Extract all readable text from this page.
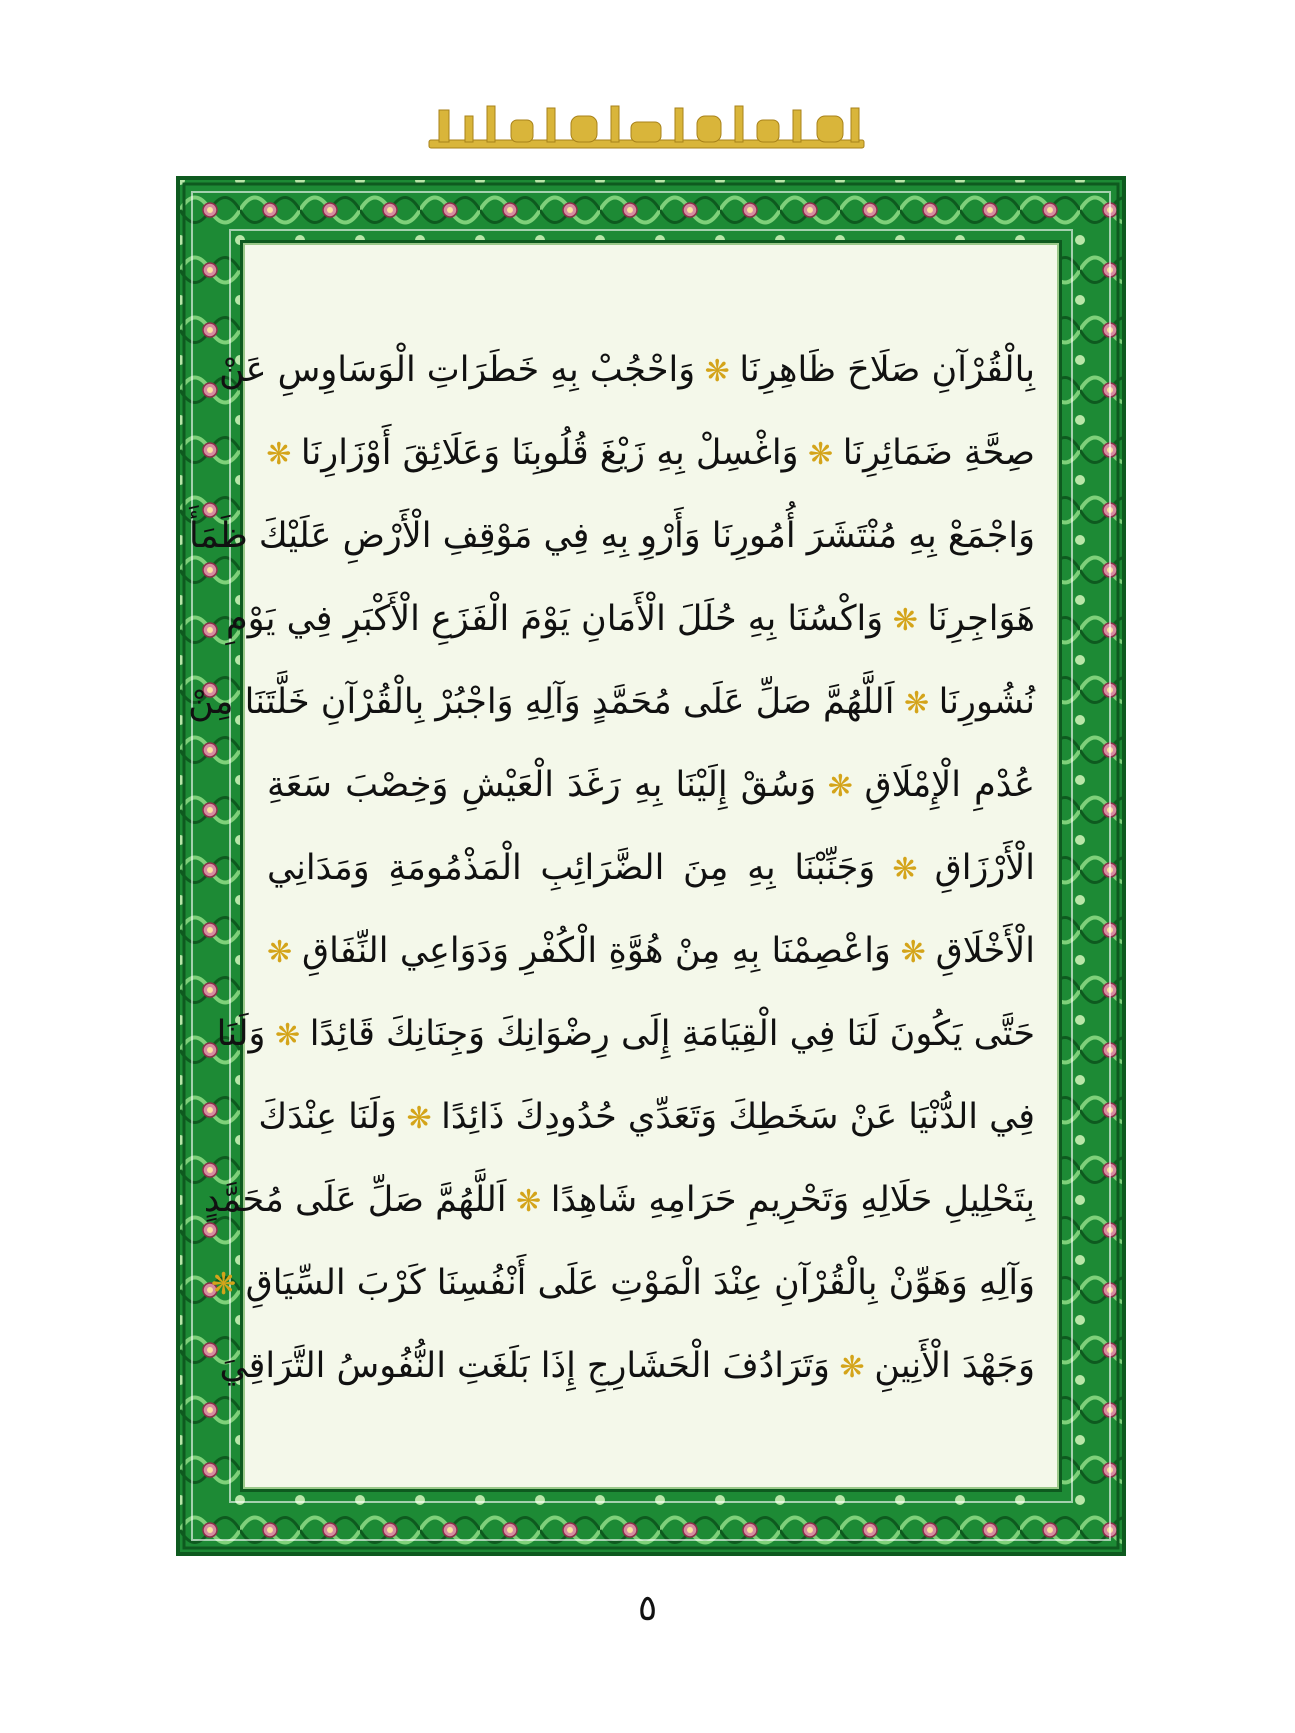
بِالْقُرْآنِ صَلَاحَ ظَاهِرِنَا ❋ وَاحْجُبْ بِهِ خَطَرَاتِ الْوَسَاوِسِ عَنْ
صِحَّةِ ضَمَائِرِنَا ❋ وَاغْسِلْ بِهِ زَيْغَ قُلُوبِنَا وَعَلَائِقَ أَوْزَارِنَا ❋
وَاجْمَعْ بِهِ مُنْتَشَرَ أُمُورِنَا وَأَرْوِ بِهِ فِي مَوْقِفِ الْأَرْضِ عَلَيْكَ ظَمَأَ
هَوَاجِرِنَا ❋ وَاكْسُنَا بِهِ حُلَلَ الْأَمَانِ يَوْمَ الْفَزَعِ الْأَكْبَرِ فِي يَوْمِ
نُشُورِنَا ❋ اَللَّهُمَّ صَلِّ عَلَى مُحَمَّدٍ وَآلِهِ وَاجْبُرْ بِالْقُرْآنِ خَلَّتَنَا مِنْ
عُدْمِ الْإِمْلَاقِ ❋ وَسُقْ إِلَيْنَا بِهِ رَغَدَ الْعَيْشِ وَخِصْبَ سَعَةِ
الْأَرْزَاقِ ❋ وَجَنِّبْنَا بِهِ مِنَ الضَّرَائِبِ الْمَذْمُومَةِ وَمَدَانِي
الْأَخْلَاقِ ❋ وَاعْصِمْنَا بِهِ مِنْ هُوَّةِ الْكُفْرِ وَدَوَاعِي النِّفَاقِ ❋
حَتَّى يَكُونَ لَنَا فِي الْقِيَامَةِ إِلَى رِضْوَانِكَ وَجِنَانِكَ قَائِدًا ❋ وَلَنَا
فِي الدُّنْيَا عَنْ سَخَطِكَ وَتَعَدِّي حُدُودِكَ ذَائِدًا ❋ وَلَنَا عِنْدَكَ
بِتَحْلِيلِ حَلَالِهِ وَتَحْرِيمِ حَرَامِهِ شَاهِدًا ❋ اَللَّهُمَّ صَلِّ عَلَى مُحَمَّدٍ
وَآلِهِ وَهَوِّنْ بِالْقُرْآنِ عِنْدَ الْمَوْتِ عَلَى أَنْفُسِنَا كَرْبَ السِّيَاقِ ❋
وَجَهْدَ الْأَنِينِ ❋ وَتَرَادُفَ الْحَشَارِجِ إِذَا بَلَغَتِ النُّفُوسُ التَّرَاقِيَ
٥
